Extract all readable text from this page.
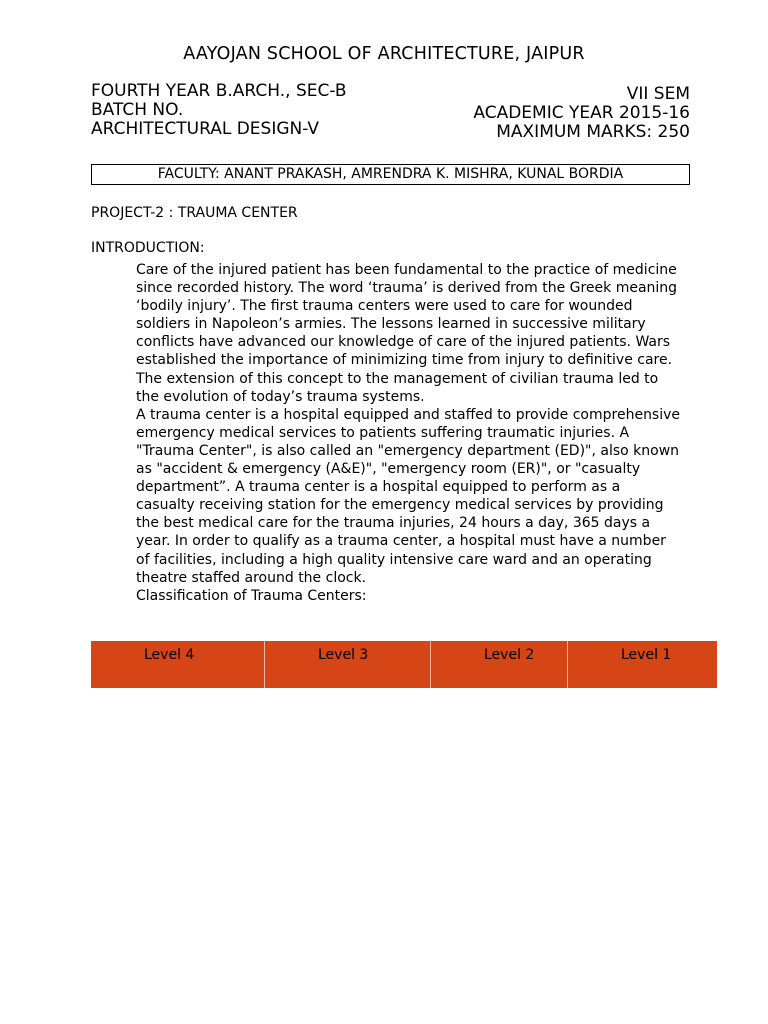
AAYOJAN SCHOOL OF ARCHITECTURE, JAIPUR
FOURTH YEAR B.ARCH., SEC-B
BATCH NO.
ARCHITECTURAL DESIGN-V
VII SEM
ACADEMIC YEAR 2015-16
MAXIMUM MARKS: 250
FACULTY: ANANT PRAKASH, AMRENDRA K. MISHRA, KUNAL BORDIA
PROJECT-2 : TRAUMA CENTER
INTRODUCTION:

Care of the injured patient has been fundamental to the practice of medicine since recorded history. The word ‘trauma’ is derived from the Greek meaning ‘bodily injury’. The first trauma centers were used to care for wounded soldiers in Napoleon’s armies. The lessons learned in successive military conflicts have advanced our knowledge of care of the injured patients. Wars established the importance of minimizing time from injury to definitive care. The extension of this concept to the management of civilian trauma led to the evolution of today’s trauma systems.

A trauma center is a hospital equipped and staffed to provide comprehensive emergency medical services to patients suffering traumatic injuries. A "Trauma Center", is also called an "emergency department (ED)", also known as "accident & emergency (A&E)", "emergency room (ER)", or "casualty department”. A trauma center is a hospital equipped to perform as a casualty receiving station for the emergency medical services by providing the best medical care for the trauma injuries, 24 hours a day, 365 days a year. In order to qualify as a trauma center, a hospital must have a number of facilities, including a high quality intensive care ward and an operating theatre staffed around the clock.

Classification of Trauma Centers:

Level 4	Level 3	Level 2	Level 1
